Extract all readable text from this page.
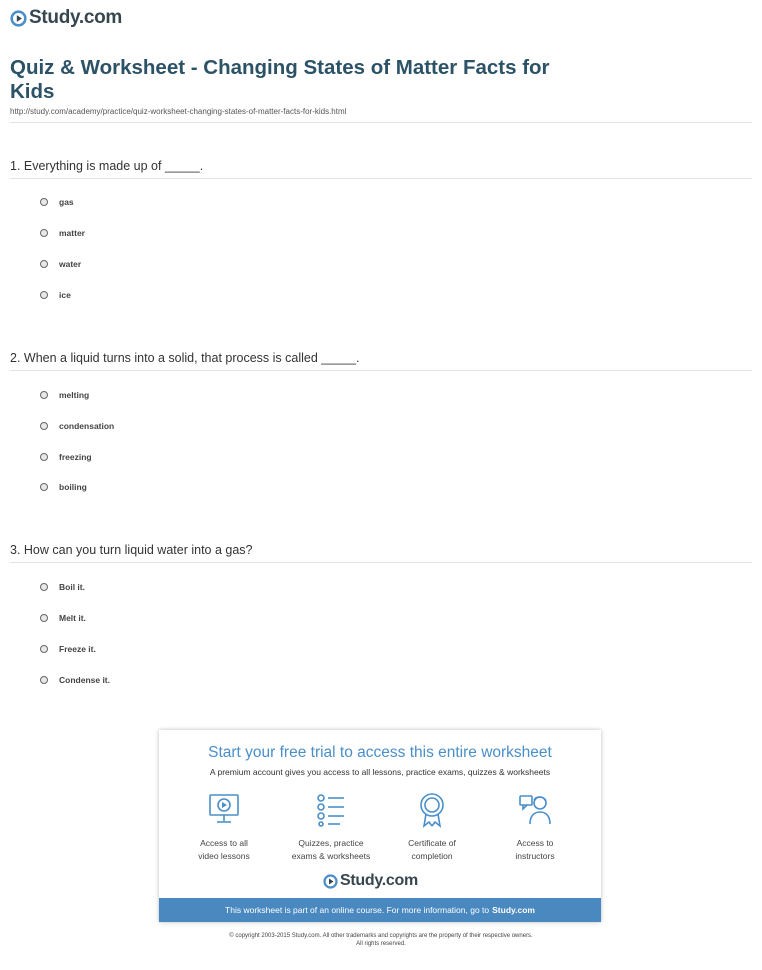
Study.com
Quiz & Worksheet - Changing States of Matter Facts for Kids
http://study.com/academy/practice/quiz-worksheet-changing-states-of-matter-facts-for-kids.html
1. Everything is made up of _____.
gas
matter
water
ice
2. When a liquid turns into a solid, that process is called _____.
melting
condensation
freezing
boiling
3. How can you turn liquid water into a gas?
Boil it.
Melt it.
Freeze it.
Condense it.
Start your free trial to access this entire worksheet
A premium account gives you access to all lessons, practice exams, quizzes & worksheets
Access to all
video lessons
Quizzes, practice
exams & worksheets
Certificate of
completion
Access to
instructors
Study.com
This worksheet is part of an online course. For more information, go to Study.com
© copyright 2003-2015 Study.com. All other trademarks and copyrights are the property of their respective owners.
All rights reserved.
